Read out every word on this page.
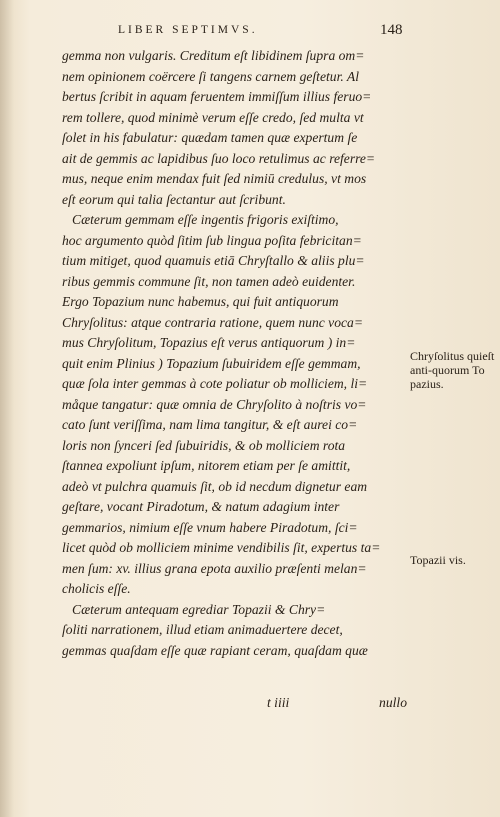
LIBER SEPTIMVS.	148
gemma non vulgaris. Creditum eſt libidinem ſupra om=
nem opinionem coërcere ſi tangens carnem geſtetur. Al
bertus ſcribit in aquam feruentem immiſſum illius feruo=
rem tollere, quod minimè verum eſſe credo, ſed multa vt
ſolet in his fabulatur: quædam tamen quæ expertum ſe
ait de gemmis ac lapidibus ſuo loco retulimus ac referre=
mus, neque enim mendax fuit ſed nimiū credulus, vt mos
eſt eorum qui talia ſectantur aut ſcribunt.
Cæterum gemmam eſſe ingentis frigoris exiſtimo,
hoc argumento quòd ſitim ſub lingua poſita febricitan=
tium mitiget, quod quamuis etiā Chryſtallo & aliis plu=
ribus gemmis commune ſit, non tamen adeò euidenter.
Ergo Topazium nunc habemus, qui fuit antiquorum
Chryſolitus: atque contraria ratione, quem nunc voca=
mus Chryſolitum, Topazius eſt verus antiquorum ) in=
quit enim Plinius ) Topazium ſubuiridem eſſe gemmam,
quæ ſola inter gemmas à cote poliatur ob molliciem, li=
måque tangatur: quæ omnia de Chryſolito à noſtris vo=
cato ſunt veriſſima, nam lima tangitur, & eſt aurei co=
loris non ſynceri ſed ſubuiridis, & ob molliciem rota
ſtannea expoliunt ipſum, nitorem etiam per ſe amittit,
adeò vt pulchra quamuis ſit, ob id necdum dignetur eam
geſtare, vocant Piradotum, & natum adagium inter
gemmarios, nimium eſſe vnum habere Piradotum, ſci=
licet quòd ob molliciem minime vendibilis ſit, expertus ta=
men ſum: xv. illius grana epota auxilio præſenti melan=
cholicis eſſe.
Cæterum antequam egrediar Topazii & Chry=
ſoliti narrationem, illud etiam animaduertere decet,
gemmas quaſdam eſſe quæ rapiant ceram, quaſdam quæ
Chryſolitus quieſt anti-quorum To pazius.
Topazii vis.
t iiii	nullo
